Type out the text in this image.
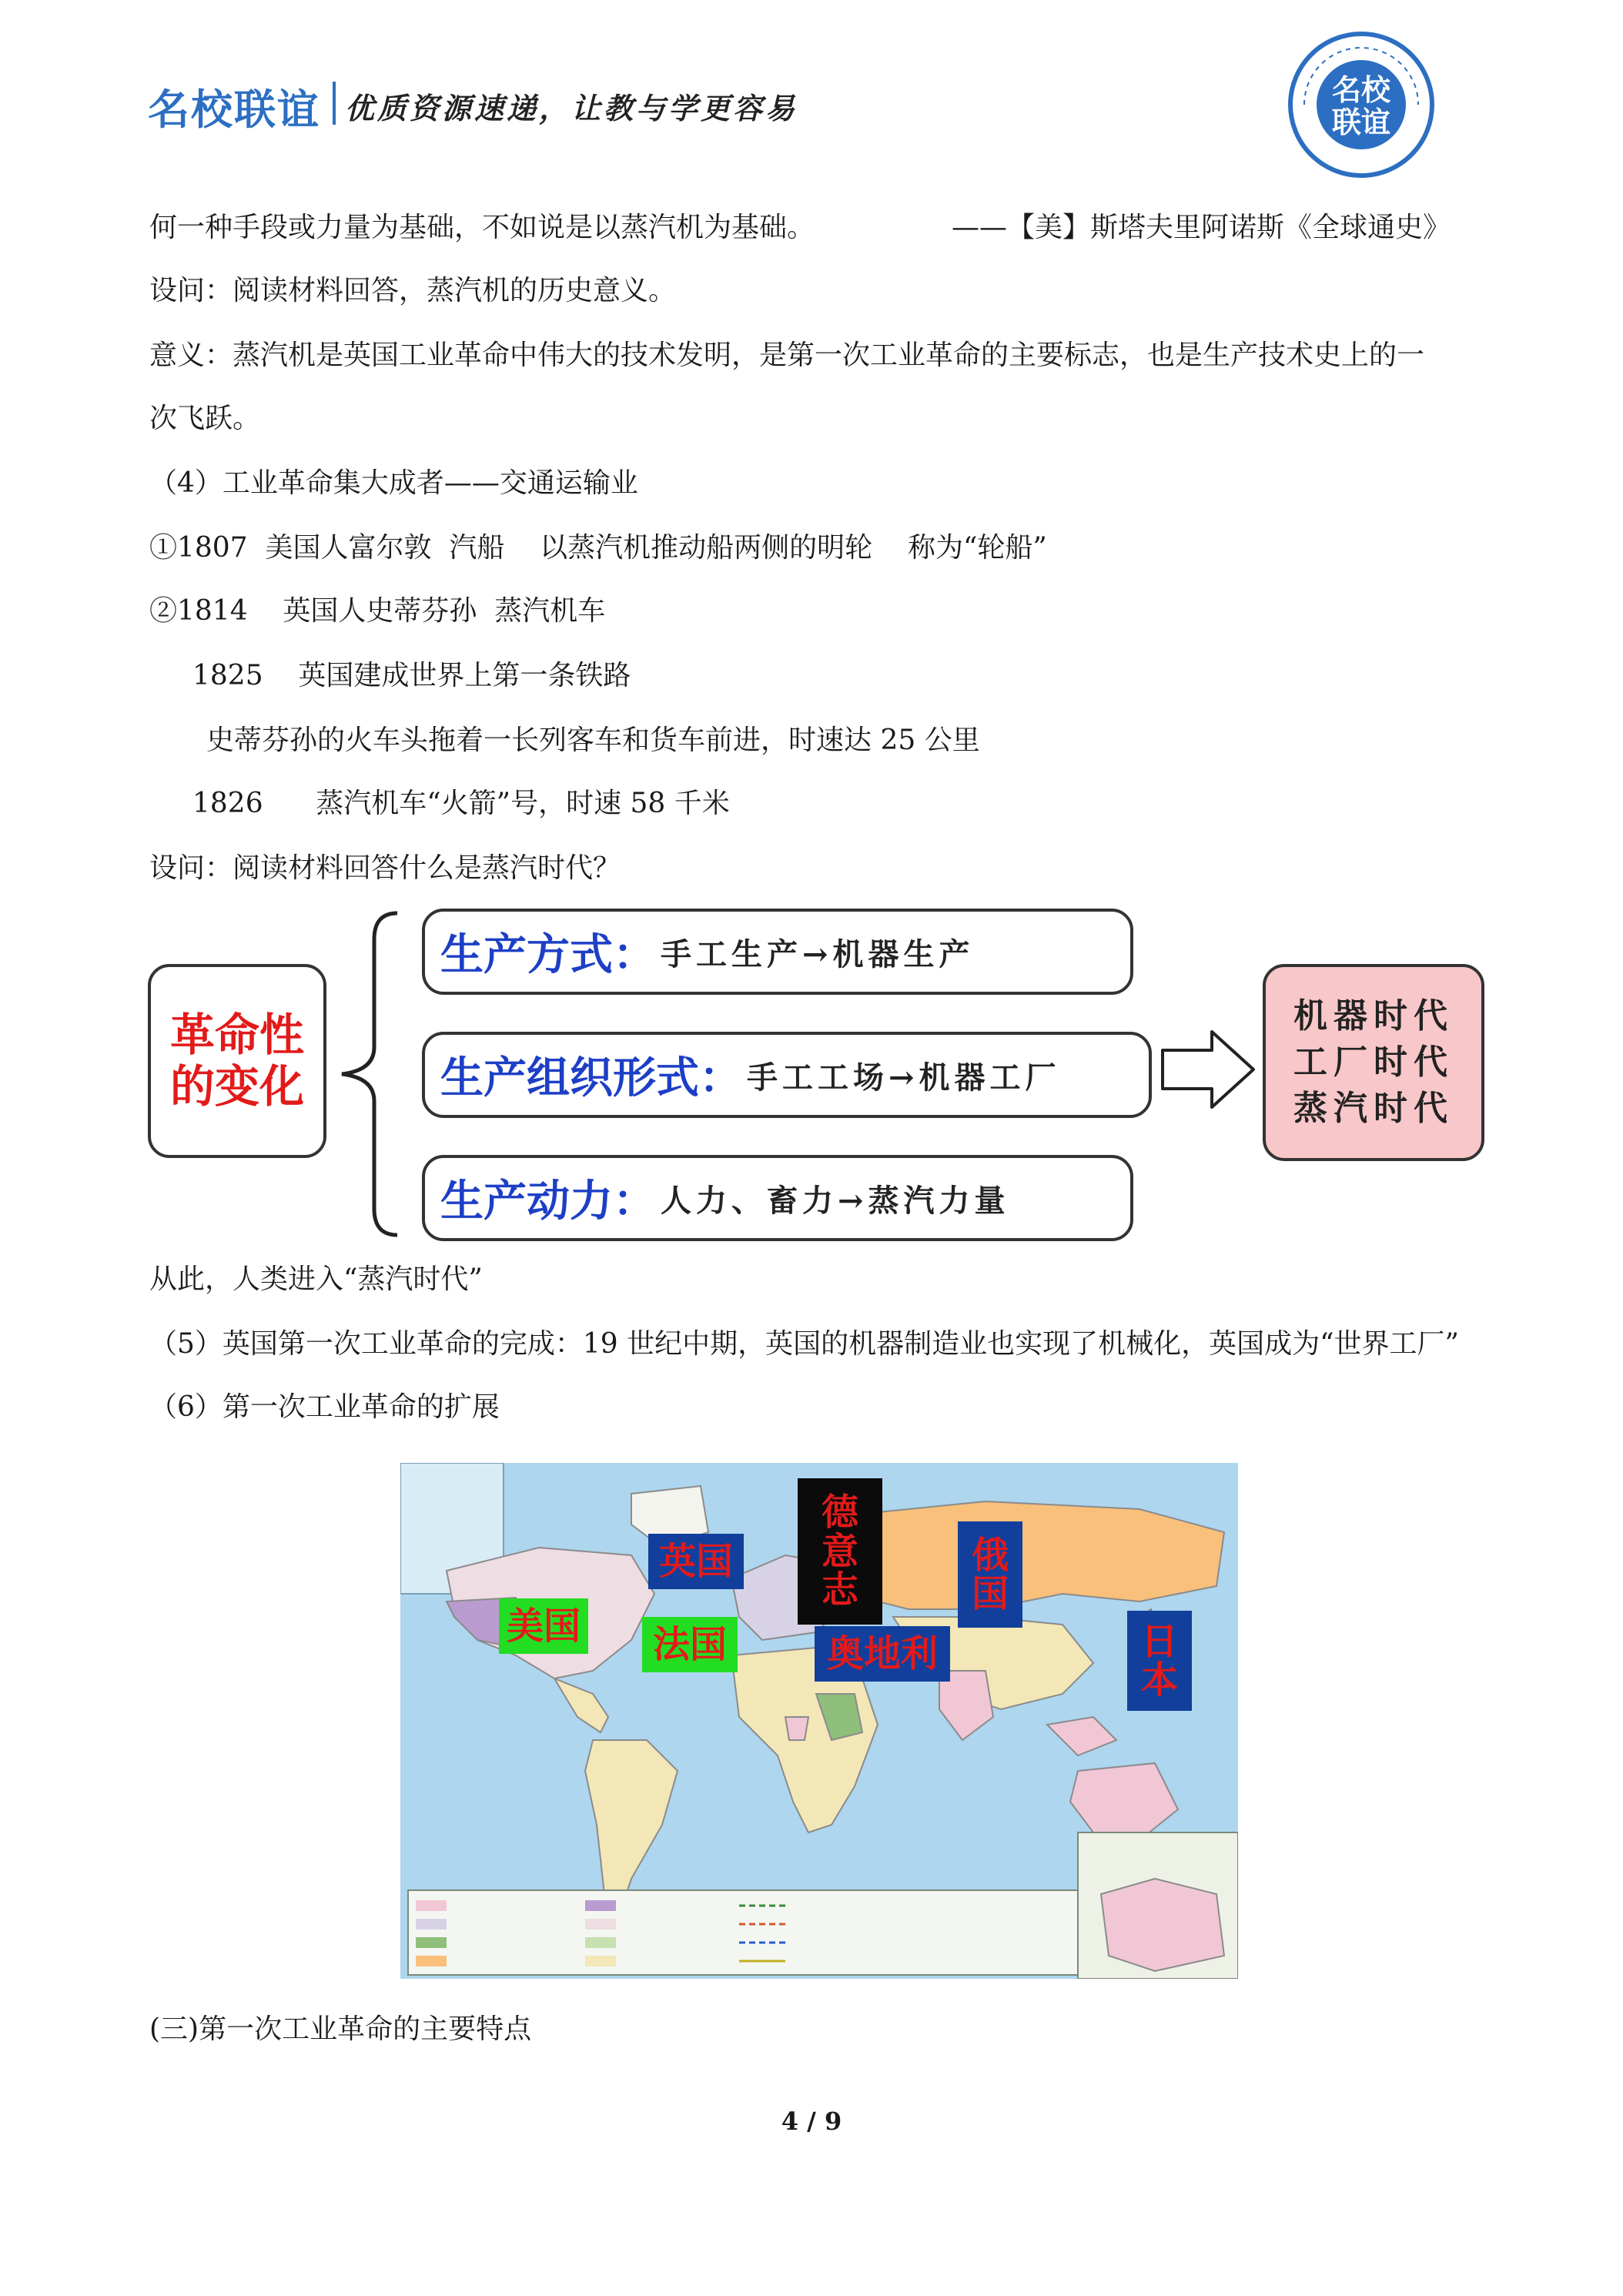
名校联谊 优质资源速递，让教与学更容易
名校
联谊
何一种手段或力量为基础，不如说是以蒸汽机为基础。	——【美】斯塔夫里阿诺斯《全球通史》
设问：阅读材料回答，蒸汽机的历史意义。
意义：蒸汽机是英国工业革命中伟大的技术发明，是第一次工业革命的主要标志，也是生产技术史上的一
次飞跃。
（4）工业革命集大成者——交通运输业
①1807  美国人富尔敦  汽船    以蒸汽机推动船两侧的明轮    称为“轮船”
②1814    英国人史蒂芬孙  蒸汽机车
1825    英国建成世界上第一条铁路
史蒂芬孙的火车头拖着一长列客车和货车前进，时速达 25 公里
1826      蒸汽机车“火箭”号，时速 58 千米
设问：阅读材料回答什么是蒸汽时代？
革命性
的变化
生产方式： 手工生产→机器生产
生产组织形式： 手工工场→机器工厂
生产动力： 人力、畜力→蒸汽力量
机器时代
工厂时代
蒸汽时代
从此，人类进入“蒸汽时代”
（5）英国第一次工业革命的完成：19 世纪中期，英国的机器制造业也实现了机械化，英国成为“世界工厂”
（6）第一次工业革命的扩展
美国
英国
法国
德
意
志
奥地利
俄
国
日
本
(三)第一次工业革命的主要特点
4 / 9
